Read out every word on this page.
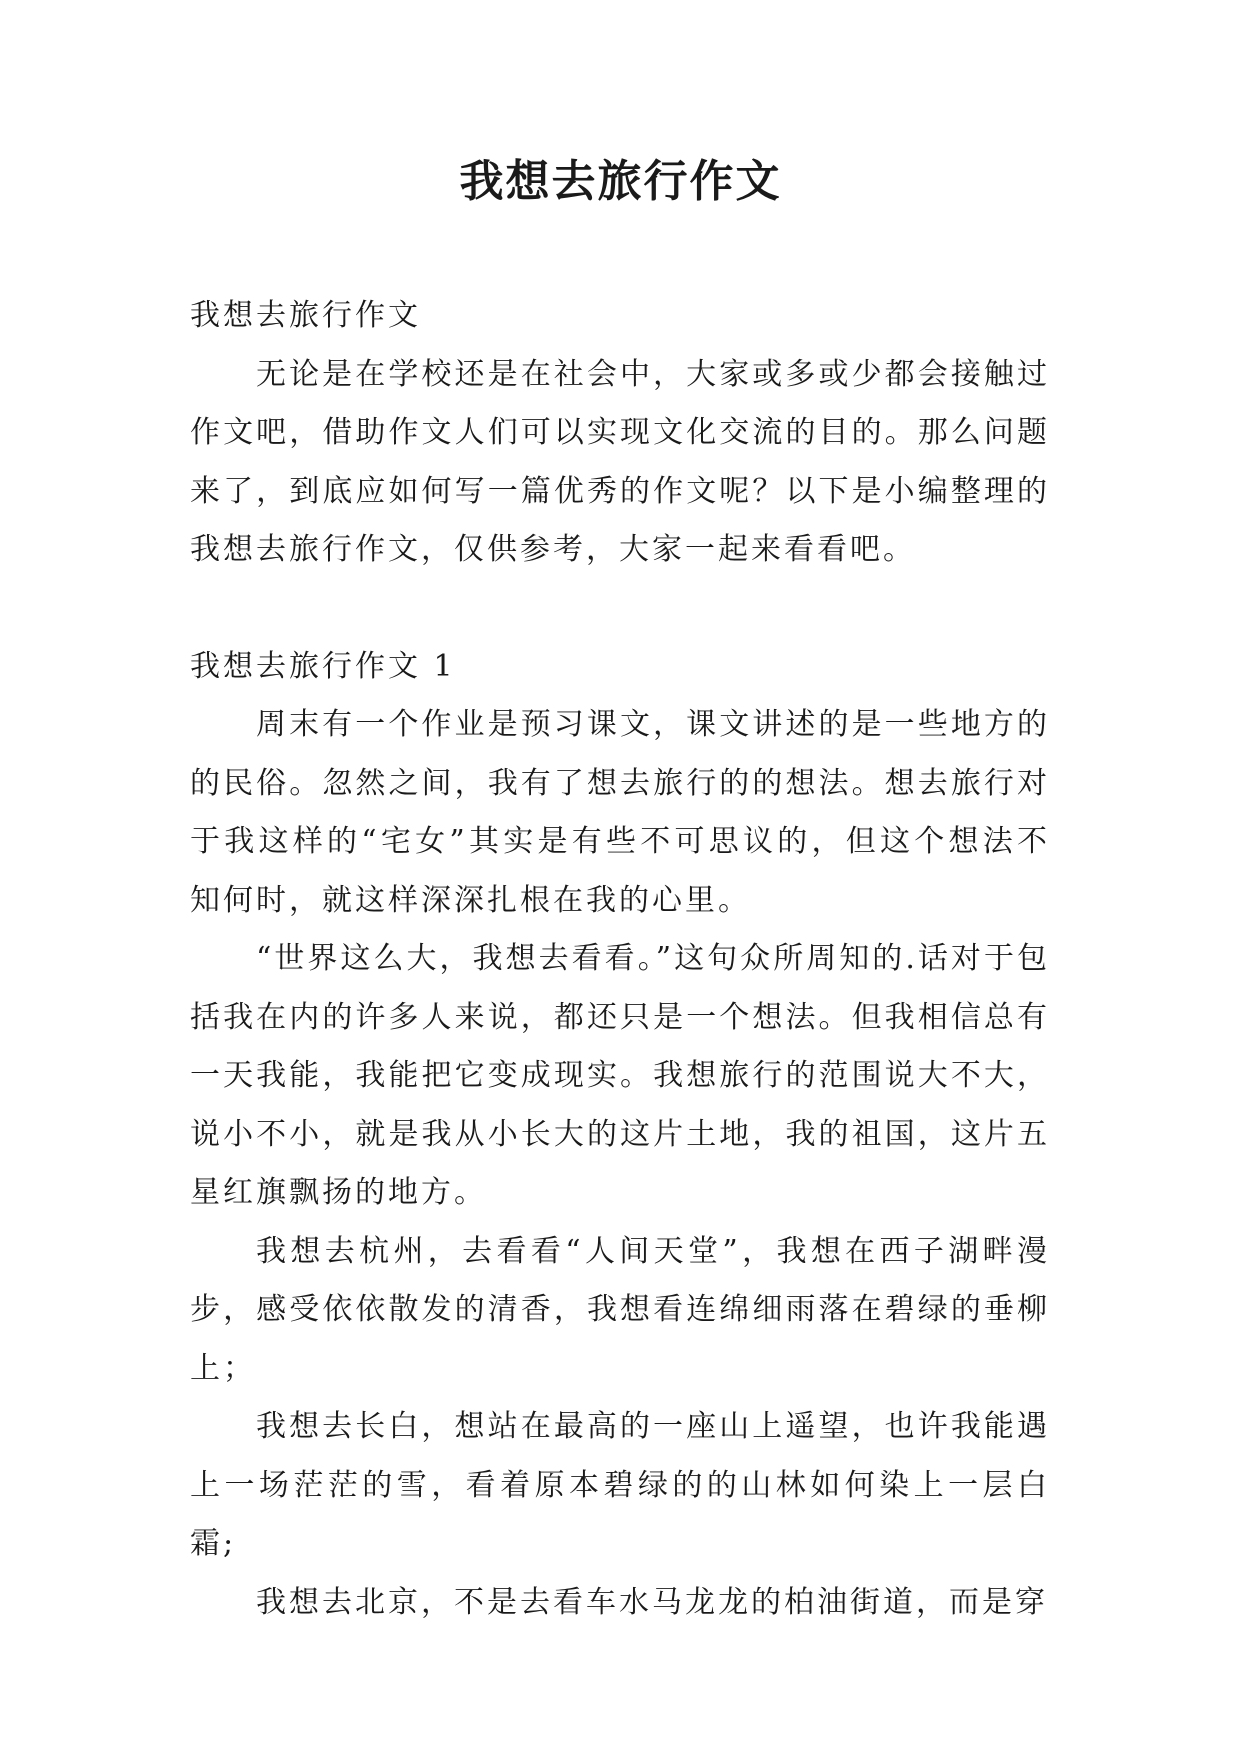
我想去旅行作文

我想去旅行作文

无论是在学校还是在社会中，大家或多或少都会接触过作文吧，借助作文人们可以实现文化交流的目的。那么问题来了，到底应如何写一篇优秀的作文呢？以下是小编整理的我想去旅行作文，仅供参考，大家一起来看看吧。

我想去旅行作文 1

周末有一个作业是预习课文，课文讲述的是一些地方的的民俗。忽然之间，我有了想去旅行的的想法。想去旅行对于我这样的“宅女”其实是有些不可思议的，但这个想法不知何时，就这样深深扎根在我的心里。

“世界这么大，我想去看看。”这句众所周知的.话对于包括我在内的许多人来说，都还只是一个想法。但我相信总有一天我能，我能把它变成现实。我想旅行的范围说大不大，说小不小，就是我从小长大的这片土地，我的祖国，这片五星红旗飘扬的地方。

我想去杭州，去看看“人间天堂”，我想在西子湖畔漫步，感受依依散发的清香，我想看连绵细雨落在碧绿的垂柳上；

我想去长白，想站在最高的一座山上遥望，也许我能遇上一场茫茫的雪，看着原本碧绿的的山林如何染上一层白霜;

我想去北京，不是去看车水马龙龙的柏油街道，而是穿
